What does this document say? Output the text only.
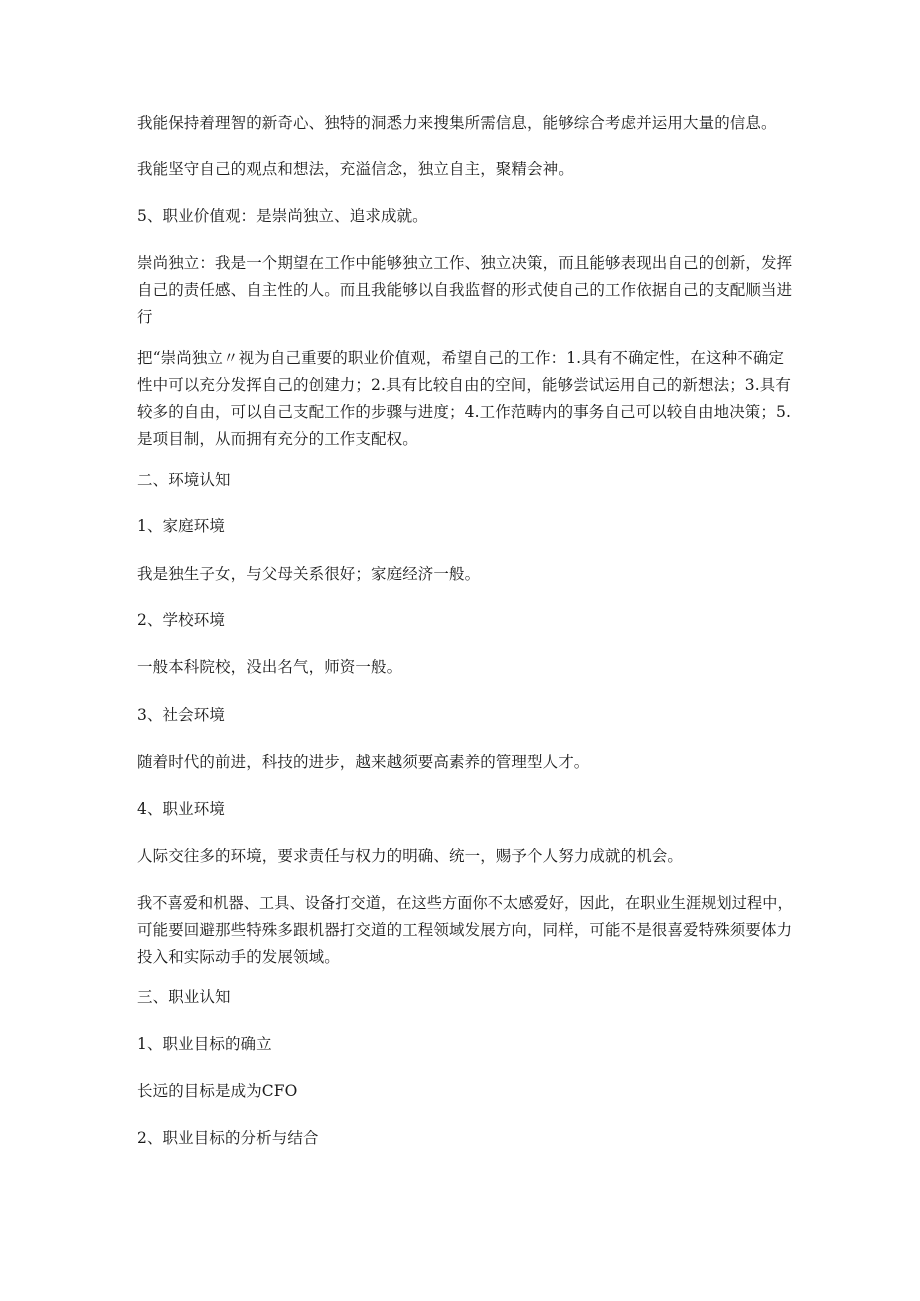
我能保持着理智的新奇心、独特的洞悉力来搜集所需信息，能够综合考虑并运用大量的信息。

我能坚守自己的观点和想法，充溢信念，独立自主，聚精会神。

5、职业价值观：是崇尚独立、追求成就。

崇尚独立：我是一个期望在工作中能够独立工作、独立决策，而且能够表现出自己的创新，发挥
自己的责任感、自主性的人。而且我能够以自我监督的形式使自己的工作依据自己的支配顺当进
行

把“崇尚独立〃视为自己重要的职业价值观，希望自己的工作：1.具有不确定性，在这种不确定
性中可以充分发挥自己的创建力；2.具有比较自由的空间，能够尝试运用自己的新想法；3.具有
较多的自由，可以自己支配工作的步骤与进度；4.工作范畴内的事务自己可以较自由地决策；5.
是项目制，从而拥有充分的工作支配权。

二、环境认知

1、家庭环境

我是独生子女，与父母关系很好；家庭经济一般。

2、学校环境

一般本科院校，没出名气，师资一般。

3、社会环境

随着时代的前进，科技的进步，越来越须要高素养的管理型人才。

4、职业环境

人际交往多的环境，要求责任与权力的明确、统一，赐予个人努力成就的机会。

我不喜爱和机器、工具、设备打交道，在这些方面你不太感爱好，因此，在职业生涯规划过程中，
可能要回避那些特殊多跟机器打交道的工程领域发展方向，同样，可能不是很喜爱特殊须要体力
投入和实际动手的发展领域。

三、职业认知

1、职业目标的确立

长远的目标是成为CFO

2、职业目标的分析与结合
